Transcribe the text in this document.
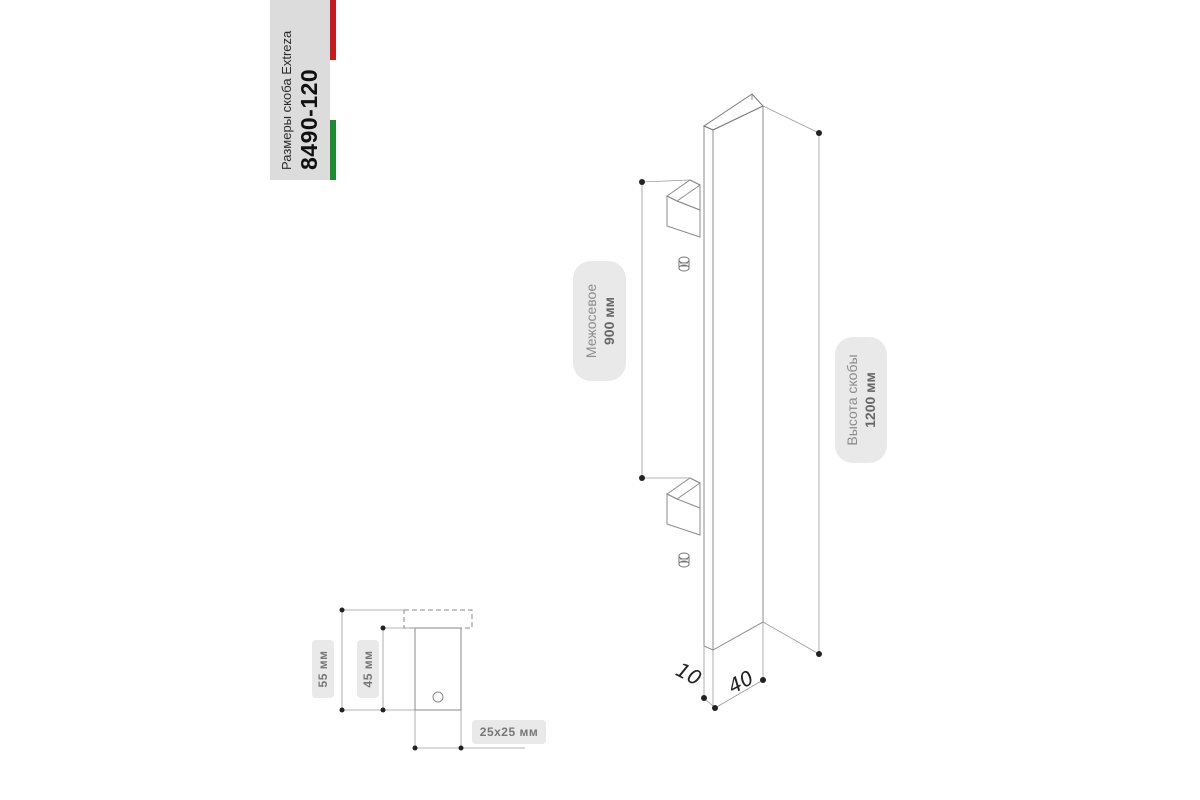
Размеры скоба Extreza 8490-120
Межосевое 900 мм
Высота скобы 1200 мм
10 40
55 мм	45 мм
25x25 мм
